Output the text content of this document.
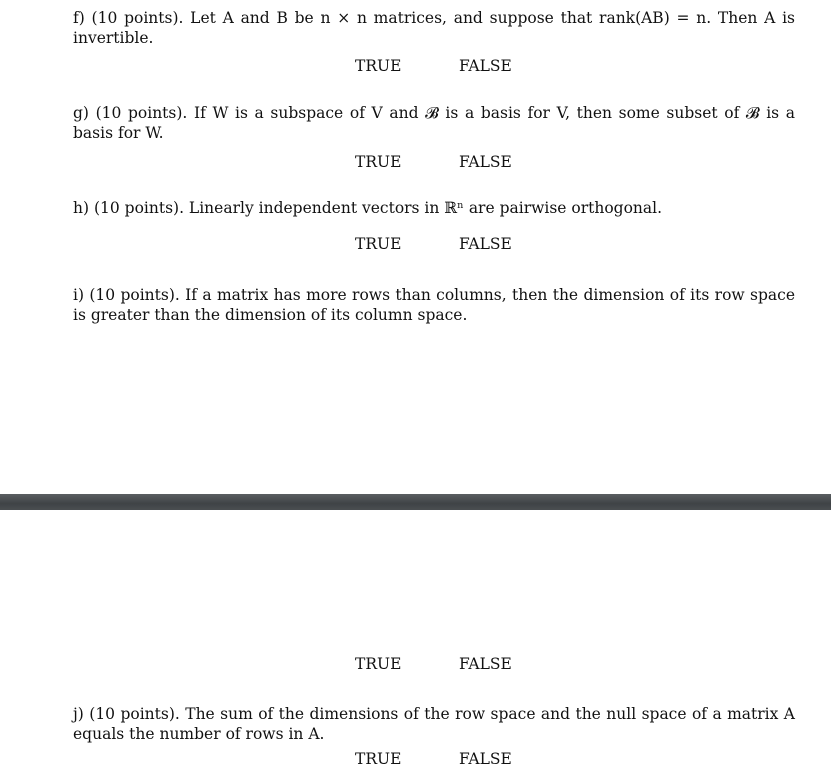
f) (10 points). Let A and B be n × n matrices, and suppose that rank(AB) = n. Then A is invertible.
TRUE	FALSE
g) (10 points). If W is a subspace of V and 𝓑 is a basis for V, then some subset of 𝓑 is a basis for W.
TRUE	FALSE
h) (10 points). Linearly independent vectors in ℝⁿ are pairwise orthogonal.
TRUE	FALSE
i) (10 points). If a matrix has more rows than columns, then the dimension of its row space is greater than the dimension of its column space.
TRUE	FALSE
j) (10 points). The sum of the dimensions of the row space and the null space of a matrix A equals the number of rows in A.
TRUE	FALSE
